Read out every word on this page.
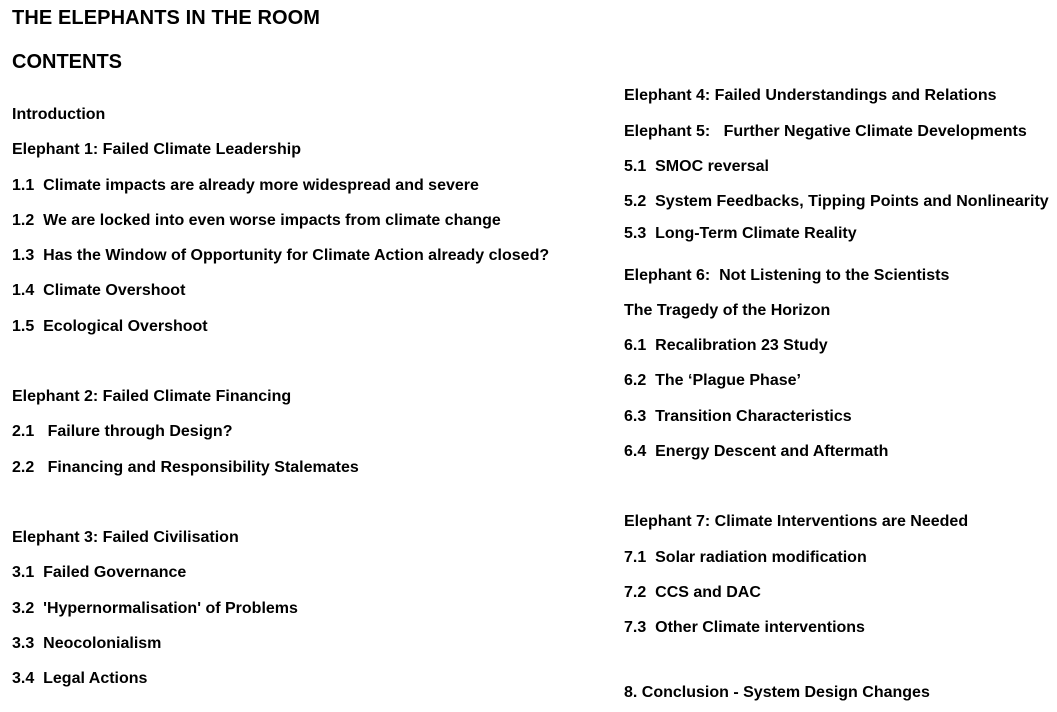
THE ELEPHANTS IN THE ROOM
CONTENTS
Introduction
Elephant 1: Failed Climate Leadership
1.1  Climate impacts are already more widespread and severe
1.2  We are locked into even worse impacts from climate change
1.3  Has the Window of Opportunity for Climate Action already closed?
1.4  Climate Overshoot
1.5  Ecological Overshoot
Elephant 2: Failed Climate Financing
2.1   Failure through Design?
2.2   Financing and Responsibility Stalemates
Elephant 3: Failed Civilisation
3.1  Failed Governance
3.2  'Hypernormalisation' of Problems
3.3  Neocolonialism
3.4  Legal Actions
Elephant 4: Failed Understandings and Relations
Elephant 5:   Further Negative Climate Developments
5.1  SMOC reversal
5.2  System Feedbacks, Tipping Points and Nonlinearity
5.3  Long-Term Climate Reality
Elephant 6:  Not Listening to the Scientists
The Tragedy of the Horizon
6.1  Recalibration 23 Study
6.2  The ‘Plague Phase’
6.3  Transition Characteristics
6.4  Energy Descent and Aftermath
Elephant 7: Climate Interventions are Needed
7.1  Solar radiation modification
7.2  CCS and DAC
7.3  Other Climate interventions
8. Conclusion - System Design Changes
